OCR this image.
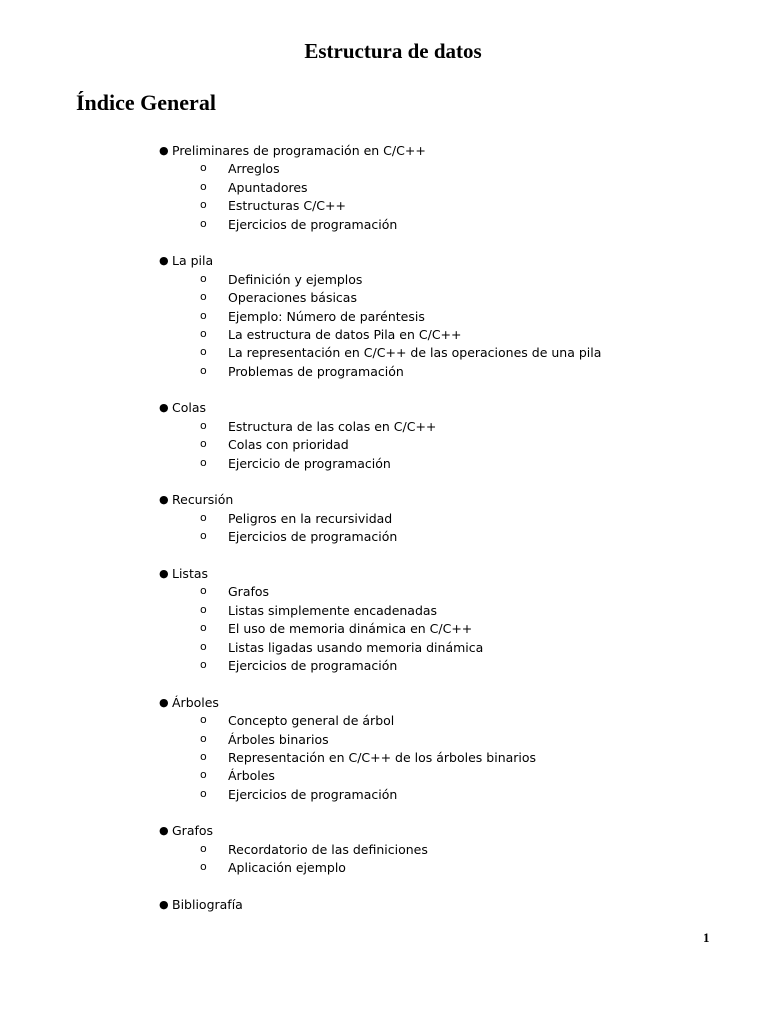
Estructura de datos
Índice General
● Preliminares de programación en C/C++
o Arreglos
o Apuntadores
o Estructuras C/C++
o Ejercicios de programación
● La pila
o Definición y ejemplos
o Operaciones básicas
o Ejemplo: Número de paréntesis
o La estructura de datos Pila en C/C++
o La representación en C/C++ de las operaciones de una pila
o Problemas de programación
● Colas
o Estructura de las colas en C/C++
o Colas con prioridad
o Ejercicio de programación
● Recursión
o Peligros en la recursividad
o Ejercicios de programación
● Listas
o Grafos
o Listas simplemente encadenadas
o El uso de memoria dinámica en C/C++
o Listas ligadas usando memoria dinámica
o Ejercicios de programación
● Árboles
o Concepto general de árbol
o Árboles binarios
o Representación en C/C++ de los árboles binarios
o Árboles
o Ejercicios de programación
● Grafos
o Recordatorio de las definiciones
o Aplicación ejemplo
● Bibliografía
1
